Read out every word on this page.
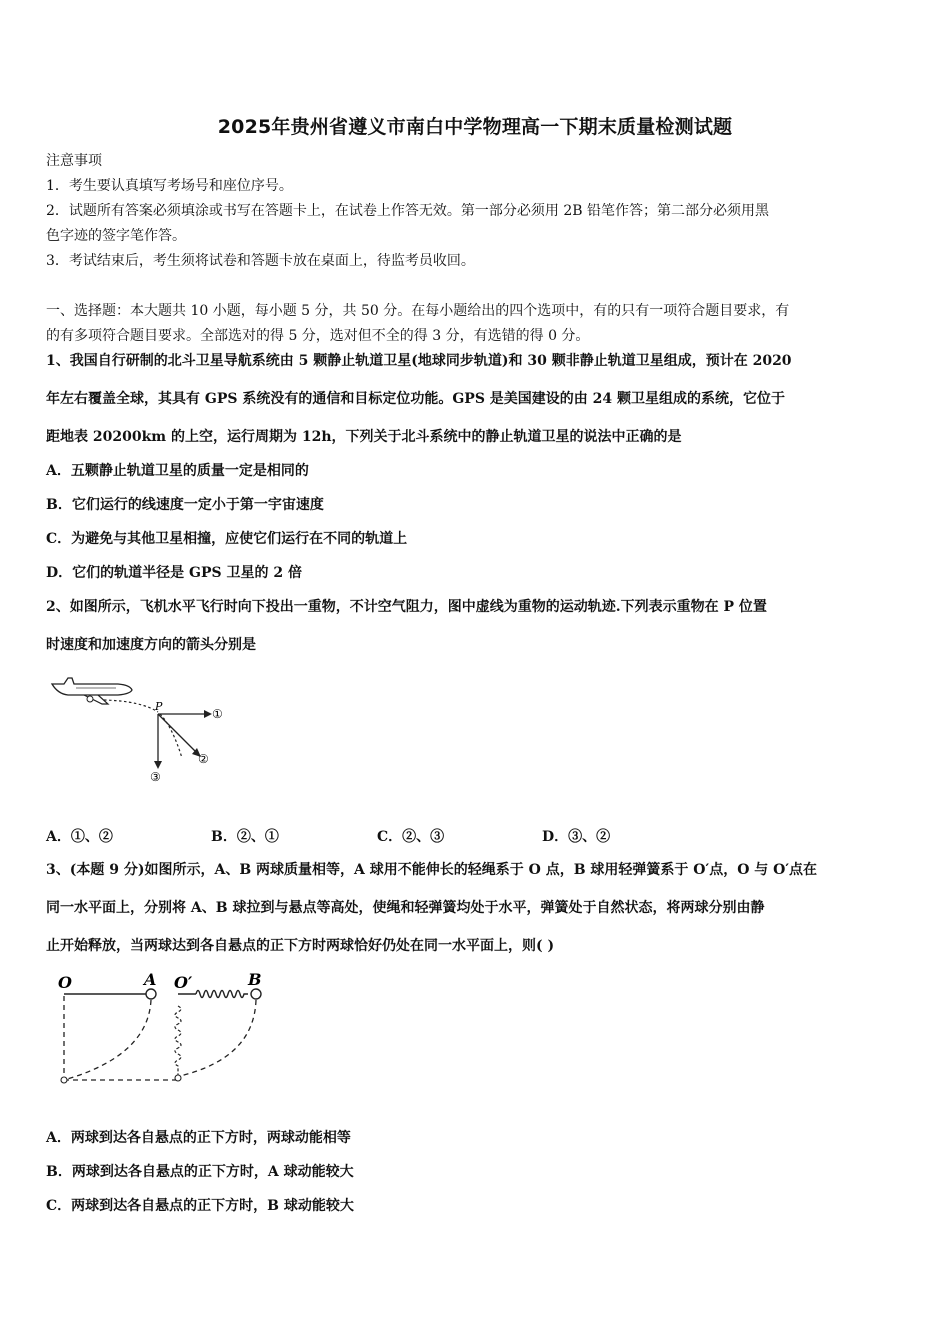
2025年贵州省遵义市南白中学物理高一下期末质量检测试题
注意事项
1．考生要认真填写考场号和座位序号。
2．试题所有答案必须填涂或书写在答题卡上，在试卷上作答无效。第一部分必须用 2B 铅笔作答；第二部分必须用黑
色字迹的签字笔作答。
3．考试结束后，考生须将试卷和答题卡放在桌面上，待监考员收回。
一、选择题：本大题共 10 小题，每小题 5 分，共 50 分。在每小题给出的四个选项中，有的只有一项符合题目要求，有
的有多项符合题目要求。全部选对的得 5 分，选对但不全的得 3 分，有选错的得 0 分。
1、我国自行研制的北斗卫星导航系统由 5 颗静止轨道卫星(地球同步轨道)和 30 颗非静止轨道卫星组成，预计在 2020
年左右覆盖全球，其具有 GPS 系统没有的通信和目标定位功能。GPS 是美国建设的由 24 颗卫星组成的系统，它位于
距地表 20200km 的上空，运行周期为 12h，下列关于北斗系统中的静止轨道卫星的说法中正确的是
A．五颗静止轨道卫星的质量一定是相同的
B．它们运行的线速度一定小于第一宇宙速度
C．为避免与其他卫星相撞，应使它们运行在不同的轨道上
D．它们的轨道半径是 GPS 卫星的 2 倍
2、如图所示，飞机水平飞行时向下投出一重物，不计空气阻力，图中虚线为重物的运动轨迹.下列表示重物在 P 位置
时速度和加速度方向的箭头分别是
P
①
②
③
A．①、②	B．②、①	C．②、③	D．③、②
3、(本题 9 分)如图所示，A、B 两球质量相等，A 球用不能伸长的轻绳系于 O 点，B 球用轻弹簧系于 O′点，O 与 O′点在
同一水平面上，分别将 A、B 球拉到与悬点等高处，使绳和轻弹簧均处于水平，弹簧处于自然状态，将两球分别由静
止开始释放，当两球达到各自悬点的正下方时两球恰好仍处在同一水平面上，则( )
O	A O′	B
A．两球到达各自悬点的正下方时，两球动能相等
B．两球到达各自悬点的正下方时，A 球动能较大
C．两球到达各自悬点的正下方时，B 球动能较大
